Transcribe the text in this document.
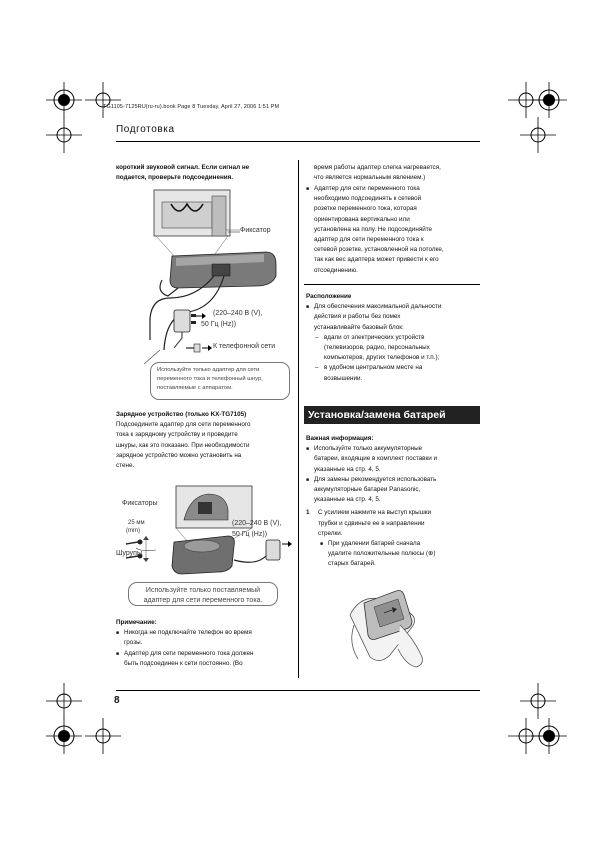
TG1105-7125RU(ru-ru).book Page 8 Tuesday, April 27, 2006 1:51 PM
Подготовка
короткий звуковой сигнал. Если сигнал не
подается, проверьте подсоединения.
Фиксатор
(220–240 В (V),
50 Гц (Hz))
К телефонной сети
Используйте только адаптер для сети
переменного тока и телефонный шнур,
поставляемые с аппаратом.
Зарядное устройство (только KX-TG7105)
Подсоедините адаптер для сети переменного
тока к зарядному устройству и проведите
шнуры, как это показано. При необходимости
зарядное устройство можно установить на
стене.
Фиксаторы
25 мм
(mm)
Шурупы
(220–240 В (V),
50 Гц (Hz))
Используйте только поставляемый
адаптер для сети переменного тока.
Примечание:
■ Никогда не подключайте телефон во время
грозы.
■ Адаптер для сети переменного тока должен
быть подсоединен к сети постоянно. (Во
время работы адаптер слегка нагревается,
что является нормальным явлением.)
■ Адаптер для сети переменного тока
необходимо подсоединять к сетевой
розетке переменного тока, которая
ориентирована вертикально или
установлена на полу. Не подсоединяйте
адаптер для сети переменного тока к
сетевой розетке, установленной на потолке,
так как вес адаптера может привести к его
отсоединению.
Расположение
■ Для обеспечения максимальной дальности
действия и работы без помех
устанавливайте базовый блок:
– вдали от электрических устройств
(телевизоров, радио, персональных
компьютеров, других телефонов и т.п.);
– в удобном центральном месте на
возвышении.
Установка/замена батарей
Важная информация:
■ Используйте только аккумуляторные
батареи, входящие в комплект поставки и
указанные на стр. 4, 5.
■ Для замены рекомендуется использовать
аккумуляторные батареи Panasonic,
указанные на стр. 4, 5.
1 С усилием нажмите на выступ крышки
трубки и сдвиньте ее в направлении
стрелки.
■ При удалении батарей сначала
удалите положительные полюсы (⊕)
старых батарей.
8
